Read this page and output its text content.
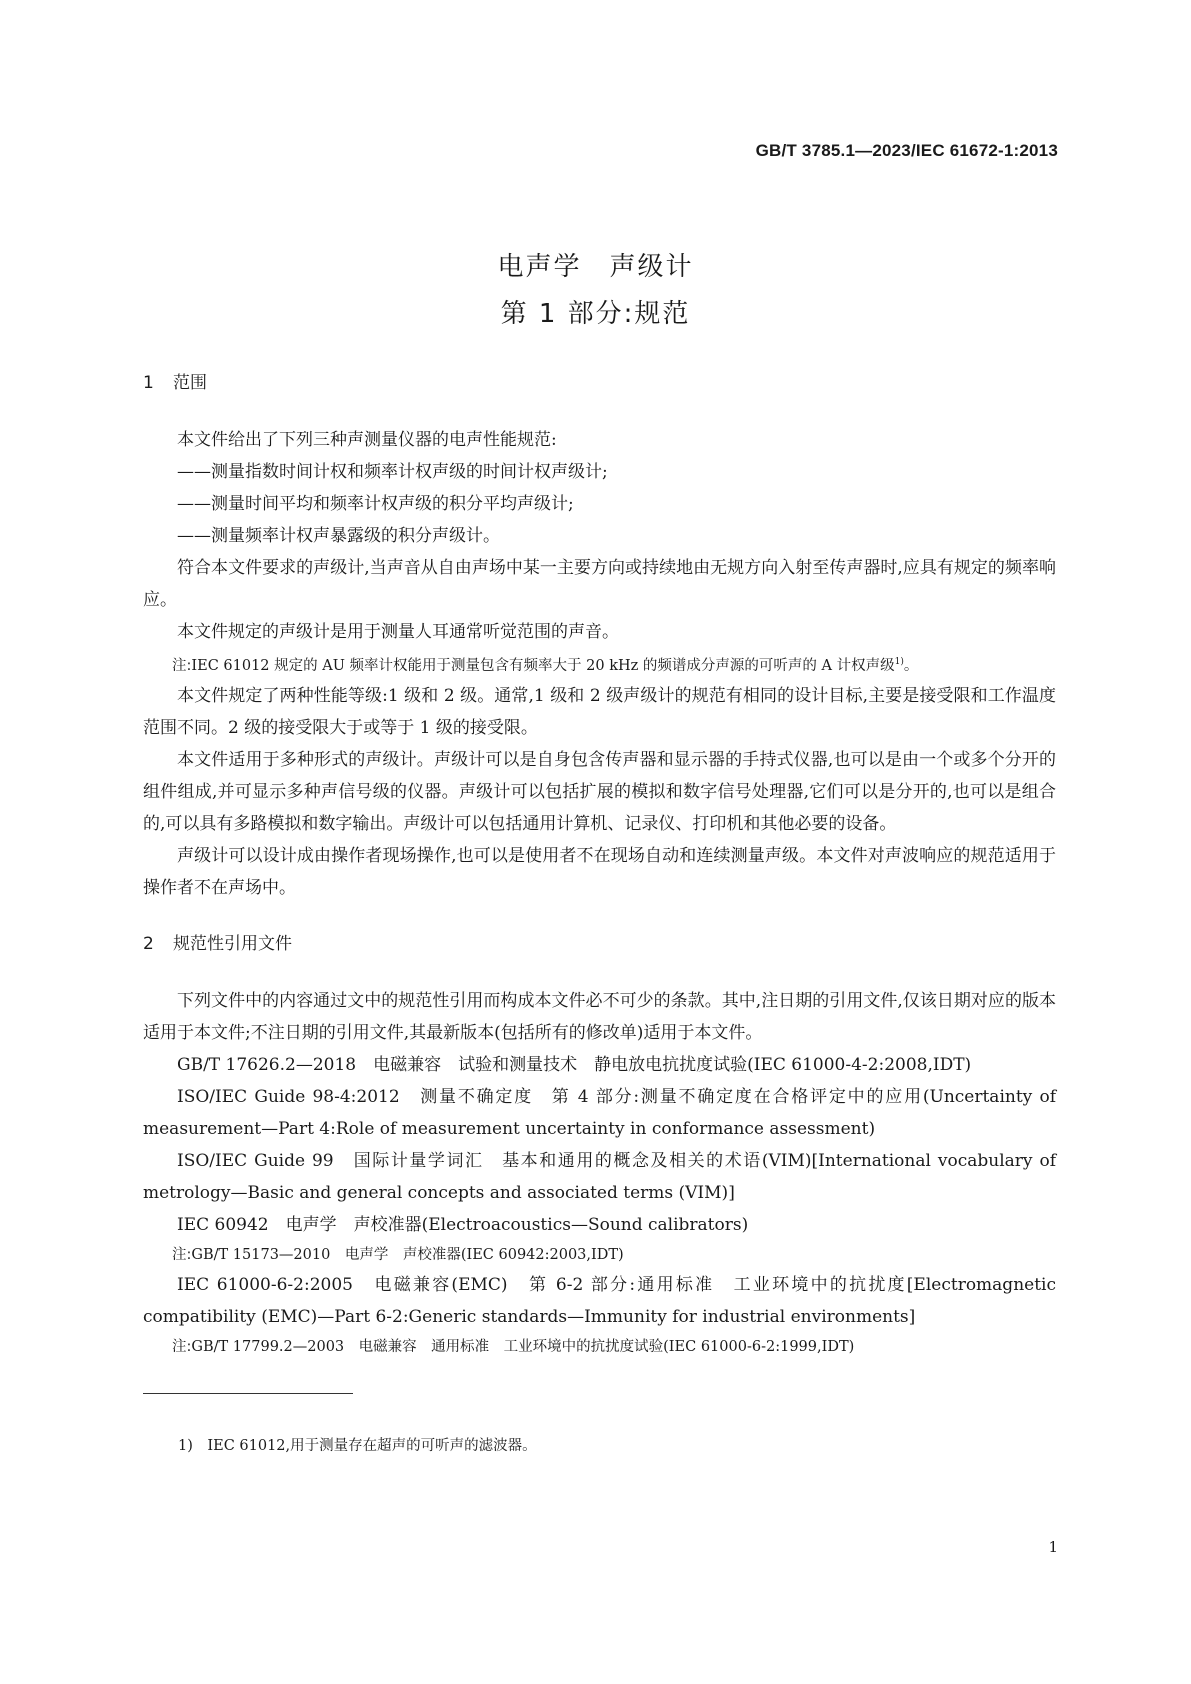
GB/T 3785.1—2023/IEC 61672-1:2013
电声学　声级计
第 1 部分:规范
1 范围

本文件给出了下列三种声测量仪器的电声性能规范:

——测量指数时间计权和频率计权声级的时间计权声级计;

——测量时间平均和频率计权声级的积分平均声级计;

——测量频率计权声暴露级的积分声级计。

符合本文件要求的声级计,当声音从自由声场中某一主要方向或持续地由无规方向入射至传声器时,应具有规定的频率响应。

本文件规定的声级计是用于测量人耳通常听觉范围的声音。

注:IEC 61012 规定的 AU 频率计权能用于测量包含有频率大于 20 kHz 的频谱成分声源的可听声的 A 计权声级$^{1)}$。

本文件规定了两种性能等级:1 级和 2 级。通常,1 级和 2 级声级计的规范有相同的设计目标,主要是接受限和工作温度范围不同。2 级的接受限大于或等于 1 级的接受限。

本文件适用于多种形式的声级计。声级计可以是自身包含传声器和显示器的手持式仪器,也可以是由一个或多个分开的组件组成,并可显示多种声信号级的仪器。声级计可以包括扩展的模拟和数字信号处理器,它们可以是分开的,也可以是组合的,可以具有多路模拟和数字输出。声级计可以包括通用计算机、记录仪、打印机和其他必要的设备。

声级计可以设计成由操作者现场操作,也可以是使用者不在现场自动和连续测量声级。本文件对声波响应的规范适用于操作者不在声场中。

2 规范性引用文件

下列文件中的内容通过文中的规范性引用而构成本文件必不可少的条款。其中,注日期的引用文件,仅该日期对应的版本适用于本文件;不注日期的引用文件,其最新版本(包括所有的修改单)适用于本文件。

GB/T 17626.2—2018　电磁兼容　试验和测量技术　静电放电抗扰度试验(IEC 61000-4-2:2008,IDT)

ISO/IEC Guide 98-4:2012　测量不确定度　第 4 部分:测量不确定度在合格评定中的应用(Uncertainty of measurement—Part 4:Role of measurement uncertainty in conformance assessment)

ISO/IEC Guide 99　国际计量学词汇　基本和通用的概念及相关的术语(VIM)[International vocabulary of metrology—Basic and general concepts and associated terms (VIM)]

IEC 60942　电声学　声校准器(Electroacoustics—Sound calibrators)

注:GB/T 15173—2010　电声学　声校准器(IEC 60942:2003,IDT)

IEC 61000-6-2:2005　电磁兼容(EMC)　第 6-2 部分:通用标准　工业环境中的抗扰度[Electromagnetic compatibility (EMC)—Part 6-2:Generic standards—Immunity for industrial environments]

注:GB/T 17799.2—2003　电磁兼容　通用标准　工业环境中的抗扰度试验(IEC 61000-6-2:1999,IDT)

1)　 IEC 61012,用于测量存在超声的可听声的滤波器。
1
